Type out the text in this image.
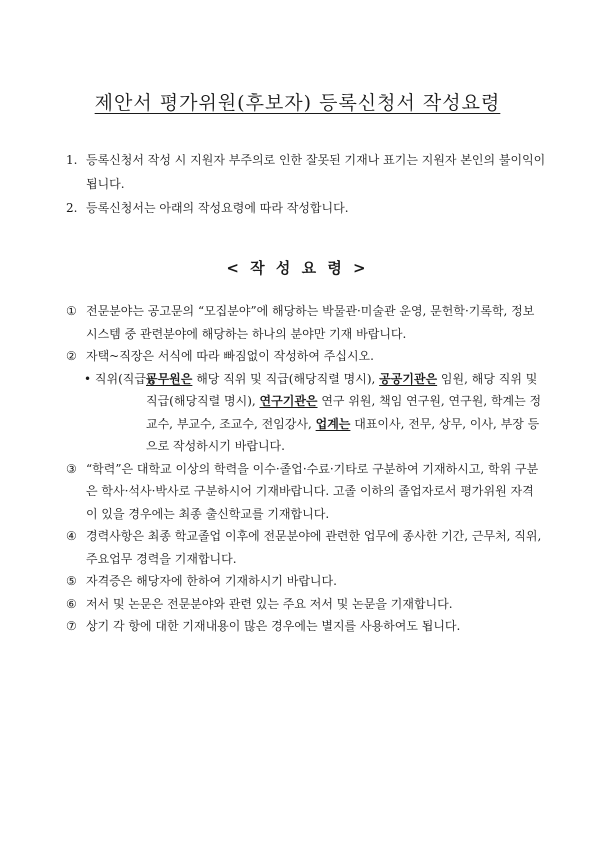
제안서 평가위원(후보자) 등록신청서 작성요령
1. 등록신청서 작성 시 지원자 부주의로 인한 잘못된 기재나 표기는 지원자 본인의 불이익이 됩니다.
2. 등록신청서는 아래의 작성요령에 따라 작성합니다.
< 작 성 요 령 >
① 전문분야는 공고문의 “모집분야”에 해당하는 박물관·미술관 운영, 문헌학·기록학, 정보시스템 중 관련분야에 해당하는 하나의 분야만 기재 바랍니다.
② 자택~직장은 서식에 따라 빠짐없이 작성하여 주십시오.
• 직위(직급):
공무원은 해당 직위 및 직급(해당직렬 명시), 공공기관은 임원, 해당 직위 및 직급(해당직렬 명시), 연구기관은 연구 위원, 책임 연구원, 연구원, 학계는 정교수, 부교수, 조교수, 전임강사, 업계는 대표이사, 전무, 상무, 이사, 부장 등으로 작성하시기 바랍니다.
③ “학력”은 대학교 이상의 학력을 이수·졸업·수료·기타로 구분하여 기재하시고, 학위 구분은 학사·석사·박사로 구분하시어 기재바랍니다. 고졸 이하의 졸업자로서 평가위원 자격이 있을 경우에는 최종 출신학교를 기재합니다.
④ 경력사항은 최종 학교졸업 이후에 전문분야에 관련한 업무에 종사한 기간, 근무처, 직위, 주요업무 경력을 기재합니다.
⑤ 자격증은 해당자에 한하여 기재하시기 바랍니다.
⑥ 저서 및 논문은 전문분야와 관련 있는 주요 저서 및 논문을 기재합니다.
⑦ 상기 각 항에 대한 기재내용이 많은 경우에는 별지를 사용하여도 됩니다.
